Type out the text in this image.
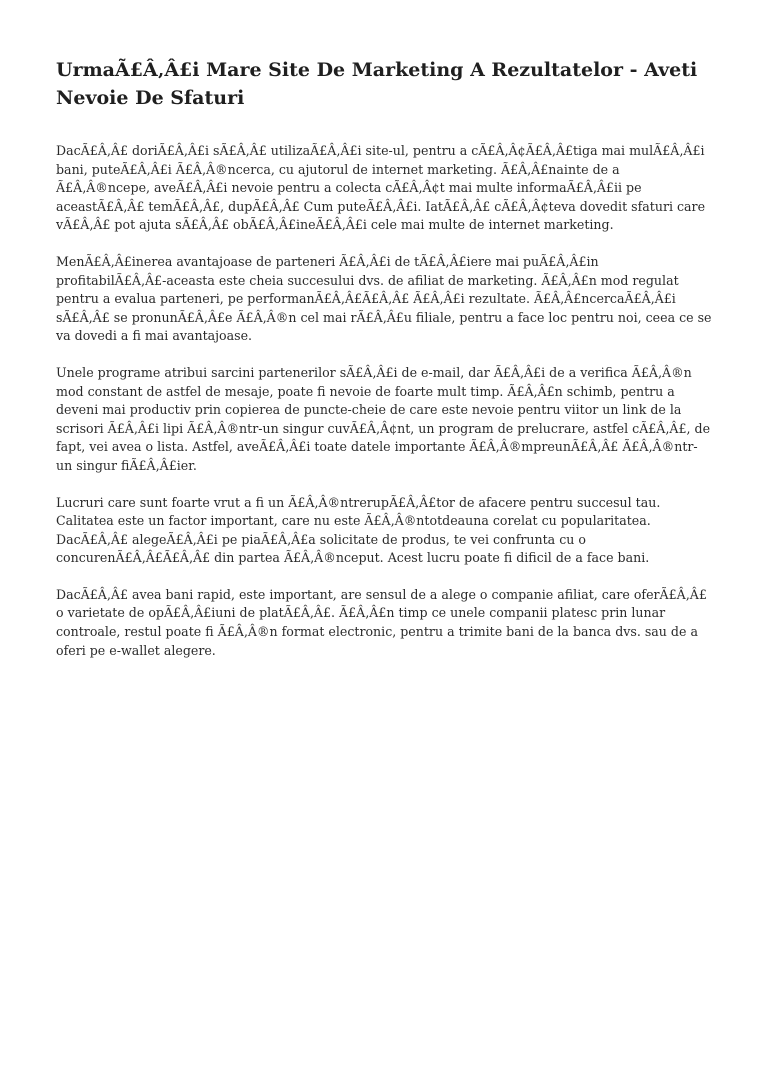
UrmaÃ£Â‚Â£i Mare Site De Marketing A Rezultatelor - Aveti Nevoie De Sfaturi

DacÃ£Â‚Â£ doriÃ£Â‚Â£i sÃ£Â‚Â£ utilizaÃ£Â‚Â£i site-ul, pentru a cÃ£Â‚Â¢Ã£Â‚Â£tiga mai mulÃ£Â‚Â£i bani, puteÃ£Â‚Â£i Ã£Â‚Â®ncerca, cu ajutorul de internet marketing. Ã£Â‚Â£nainte de a Ã£Â‚Â®ncepe, aveÃ£Â‚Â£i nevoie pentru a colecta cÃ£Â‚Â¢t mai multe informaÃ£Â‚Â£ii pe aceastÃ£Â‚Â£ temÃ£Â‚Â£, dupÃ£Â‚Â£ Cum puteÃ£Â‚Â£i. IatÃ£Â‚Â£ cÃ£Â‚Â¢teva dovedit sfaturi care vÃ£Â‚Â£ pot ajuta sÃ£Â‚Â£ obÃ£Â‚Â£ineÃ£Â‚Â£i cele mai multe de internet marketing.

MenÃ£Â‚Â£inerea avantajoase de parteneri Ã£Â‚Â£i de tÃ£Â‚Â£iere mai puÃ£Â‚Â£in profitabilÃ£Â‚Â£-aceasta este cheia succesului dvs. de afiliat de marketing. Ã£Â‚Â£n mod regulat pentru a evalua parteneri, pe performanÃ£Â‚Â£Ã£Â‚Â£ Ã£Â‚Â£i rezultate. Ã£Â‚Â£ncercaÃ£Â‚Â£i sÃ£Â‚Â£ se pronunÃ£Â‚Â£e Ã£Â‚Â®n cel mai rÃ£Â‚Â£u filiale, pentru a face loc pentru noi, ceea ce se va dovedi a fi mai avantajoase.

Unele programe atribui sarcini partenerilor sÃ£Â‚Â£i de e-mail, dar Ã£Â‚Â£i de a verifica Ã£Â‚Â®n mod constant de astfel de mesaje, poate fi nevoie de foarte mult timp. Ã£Â‚Â£n schimb, pentru a deveni mai productiv prin copierea de puncte-cheie de care este nevoie pentru viitor un link de la scrisori Ã£Â‚Â£i lipi Ã£Â‚Â®ntr-un singur cuvÃ£Â‚Â¢nt, un program de prelucrare, astfel cÃ£Â‚Â£, de fapt, vei avea o lista. Astfel, aveÃ£Â‚Â£i toate datele importante Ã£Â‚Â®mpreunÃ£Â‚Â£ Ã£Â‚Â®ntr-un singur fiÃ£Â‚Â£ier.

Lucruri care sunt foarte vrut a fi un Ã£Â‚Â®ntrerupÃ£Â‚Â£tor de afacere pentru succesul tau. Calitatea este un factor important, care nu este Ã£Â‚Â®ntotdeauna corelat cu popularitatea. DacÃ£Â‚Â£ alegeÃ£Â‚Â£i pe piaÃ£Â‚Â£a solicitate de produs, te vei confrunta cu o concurenÃ£Â‚Â£Ã£Â‚Â£ din partea Ã£Â‚Â®nceput. Acest lucru poate fi dificil de a face bani.

DacÃ£Â‚Â£ avea bani rapid, este important, are sensul de a alege o companie afiliat, care oferÃ£Â‚Â£ o varietate de opÃ£Â‚Â£iuni de platÃ£Â‚Â£. Ã£Â‚Â£n timp ce unele companii platesc prin lunar controale, restul poate fi Ã£Â‚Â®n format electronic, pentru a trimite bani de la banca dvs. sau de a oferi pe e-wallet alegere.
